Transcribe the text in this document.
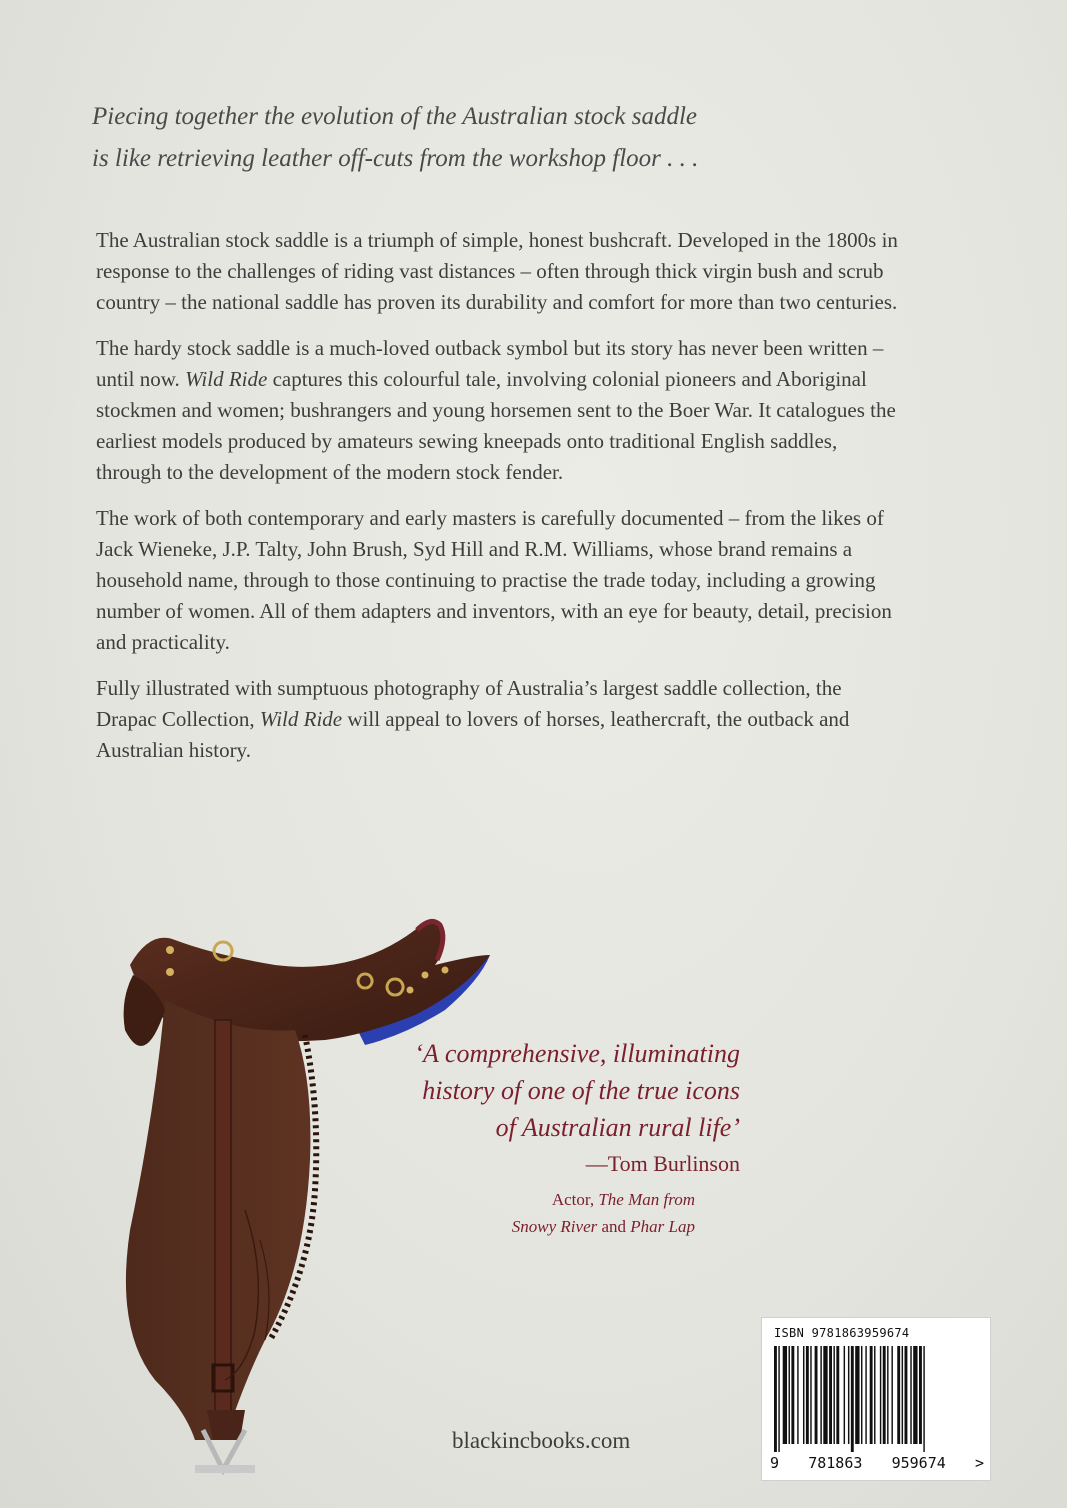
Piecing together the evolution of the Australian stock saddle
is like retrieving leather off-cuts from the workshop floor . . .

The Australian stock saddle is a triumph of simple, honest bushcraft. Developed in the 1800s in response to the challenges of riding vast distances – often through thick virgin bush and scrub country – the national saddle has proven its durability and comfort for more than two centuries.

The hardy stock saddle is a much-loved outback symbol but its story has never been written – until now. Wild Ride captures this colourful tale, involving colonial pioneers and Aboriginal stockmen and women; bushrangers and young horsemen sent to the Boer War. It catalogues the earliest models produced by amateurs sewing kneepads onto traditional English saddles, through to the development of the modern stock fender.

The work of both contemporary and early masters is carefully documented – from the likes of Jack Wieneke, J.P. Talty, John Brush, Syd Hill and R.M. Williams, whose brand remains a household name, through to those continuing to practise the trade today, including a growing number of women. All of them adapters and inventors, with an eye for beauty, detail, precision and practicality.

Fully illustrated with sumptuous photography of Australia’s largest saddle collection, the Drapac Collection, Wild Ride will appeal to lovers of horses, leathercraft, the outback and Australian history.

‘A comprehensive, illuminating
history of one of the true icons
of Australian rural life’

—Tom Burlinson

Actor, The Man from
Snowy River and Phar Lap
blackincbooks.com
ISBN 9781863959674
9 781863 959674 >
